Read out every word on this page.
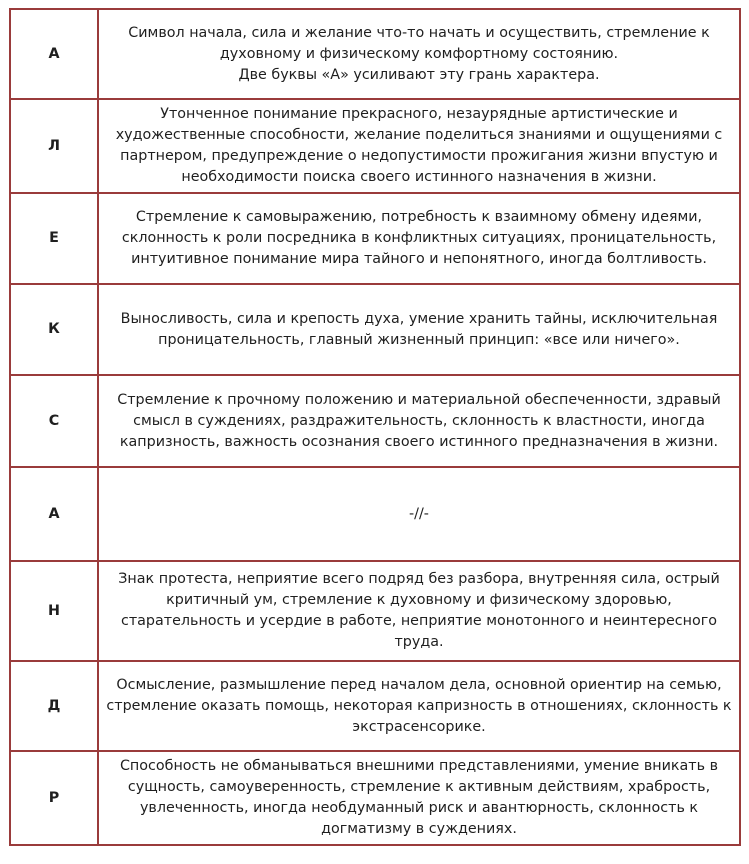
А	Символ начала, сила и желание что-то начать и осуществить, стремление к духовному и физическому комфортному состоянию.
Две буквы «А» усиливают эту грань характера.
Л	Утонченное понимание прекрасного, незаурядные артистические и художественные способности, желание поделиться знаниями и ощущениями с партнером, предупреждение о недопустимости прожигания жизни впустую и необходимости поиска своего истинного назначения в жизни.
Е	Стремление к самовыражению, потребность к взаимному обмену идеями, склонность к роли посредника в конфликтных ситуациях, проницательность, интуитивное понимание мира тайного и непонятного, иногда болтливость.
К	Выносливость, сила и крепость духа, умение хранить тайны, исключительная проницательность, главный жизненный принцип: «все или ничего».
С	Стремление к прочному положению и материальной обеспеченности, здравый смысл в суждениях, раздражительность, склонность к властности, иногда капризность, важность осознания своего истинного предназначения в жизни.
А	-//-
Н	Знак протеста, неприятие всего подряд без разбора, внутренняя сила, острый критичный ум, стремление к духовному и физическому здоровью, старательность и усердие в работе, неприятие монотонного и неинтересного труда.
Д	Осмысление, размышление перед началом дела, основной ориентир на семью, стремление оказать помощь, некоторая капризность в отношениях, склонность к экстрасенсорике.
Р	Способность не обманываться внешними представлениями, умение вникать в сущность, самоуверенность, стремление к активным действиям, храбрость, увлеченность, иногда необдуманный риск и авантюрность, склонность к догматизму в суждениях.
